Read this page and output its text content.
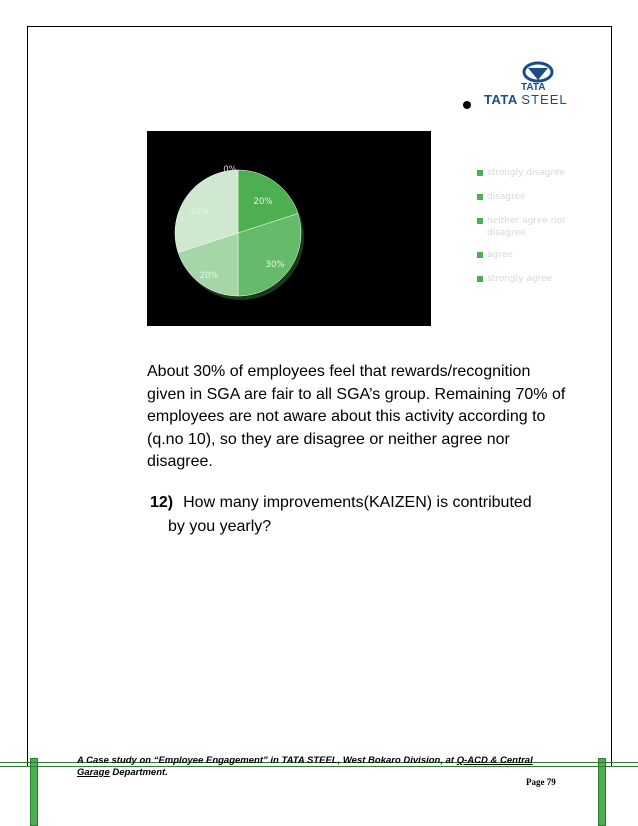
TATA
TATA STEEL
0%
20%
30%
20%
30%
strongly disagree
disagree
neither agree nor disagree
agree
strongly agree
About 30% of employees feel that rewards/recognition given in SGA are fair to all SGA’s group. Remaining 70% of employees are not aware about this activity according to (q.no 10), so they are disagree or neither agree nor disagree.
12) How many improvements(KAIZEN) is contributed
by you yearly?
A Case study on “Employee Engagement” in TATA STEEL, West Bokaro Division, at Q-ACD & Central
Garage Department.
Page 79
